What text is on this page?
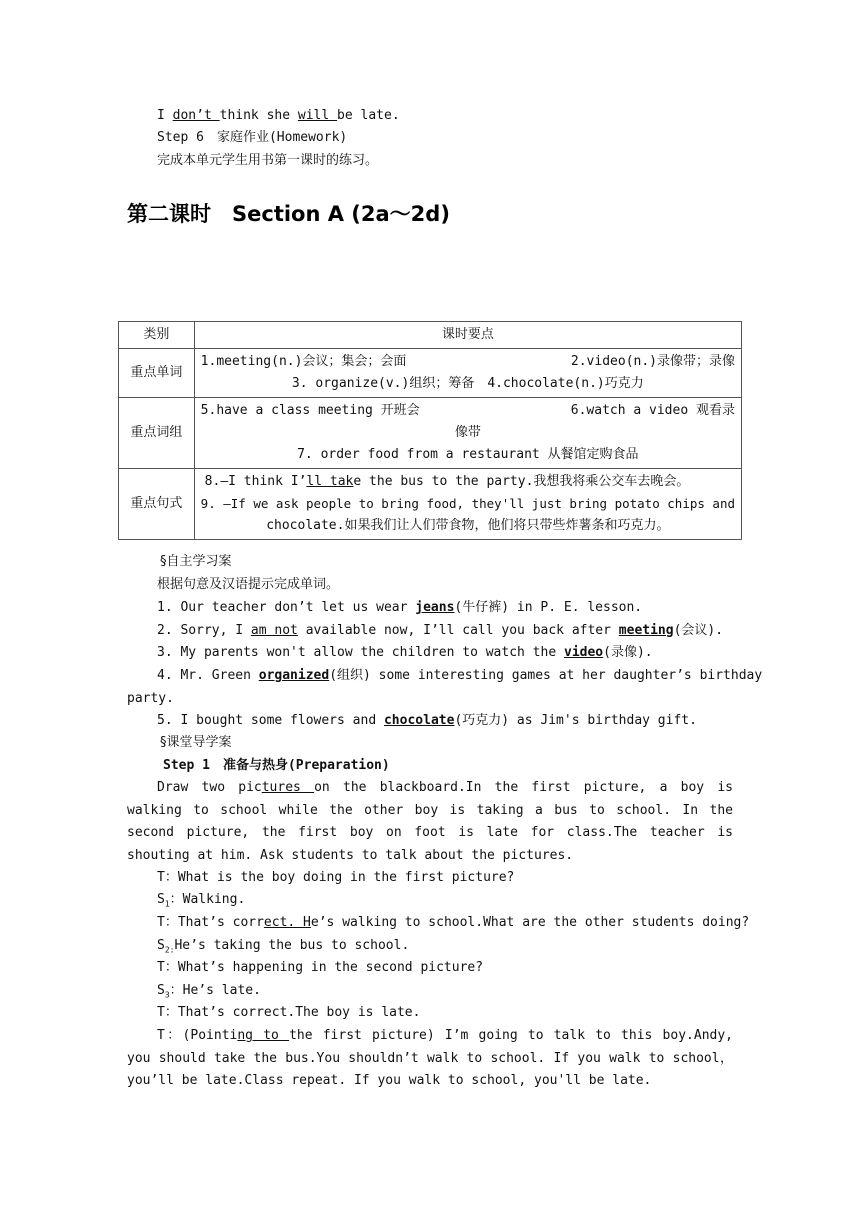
I don’t think she will be late.
Step 6　家庭作业(Homework)
完成本单元学生用书第一课时的练习。
第二课时　Section A (2a～2d)
类别	课时要点
重点单词	1.meeting(n.)会议；集会；会面 2.video(n.)录像带；录像
3. organize(v.)组织；筹备　4.chocolate(n.)巧克力

重点词组	5.have a class meeting 开班会 6.watch a video 观看录
像带
7. order food from a restaurant 从餐馆定购食品

重点句式	8.—I think I’ll take the bus to the party.我想我将乘公交车去晚会。
9. —If we ask people to bring food, they'll just bring potato chips and
chocolate.如果我们让人们带食物，他们将只带些炸薯条和巧克力。
§自主学习案
根据句意及汉语提示完成单词。
1. Our teacher don’t let us wear jeans(牛仔裤) in P. E. lesson.
2. Sorry, I am not available now, I’ll call you back after meeting(会议).
3. My parents won't allow the children to watch the video(录像).
4. Mr. Green organized(组织) some interesting games at her daughter’s birthday
party.
5. I bought some flowers and chocolate(巧克力) as Jim's birthday gift.
§课堂导学案
Step 1　准备与热身(Preparation)
Draw two pictures on the blackboard.In the first picture, a boy is walking to school while the other boy is taking a bus to school. In the second picture, the first boy on foot is late for class.The teacher is shouting at him. Ask students to talk about the pictures.
T：What is the boy doing in the first picture?
$S_1$：Walking.
T：That’s correct. He’s walking to school.What are the other students doing?
$S_{2:}He’s$ taking the bus to school.
T：What’s happening in the second picture?
$S_3$：He’s late.
T：That’s correct.The boy is late.
T：(Pointing to the first picture) I’m going to talk to this boy.Andy, you should take the bus.You shouldn’t walk to school. If you walk to school，you’ll be late.Class repeat. If you walk to school, you'll be late.
